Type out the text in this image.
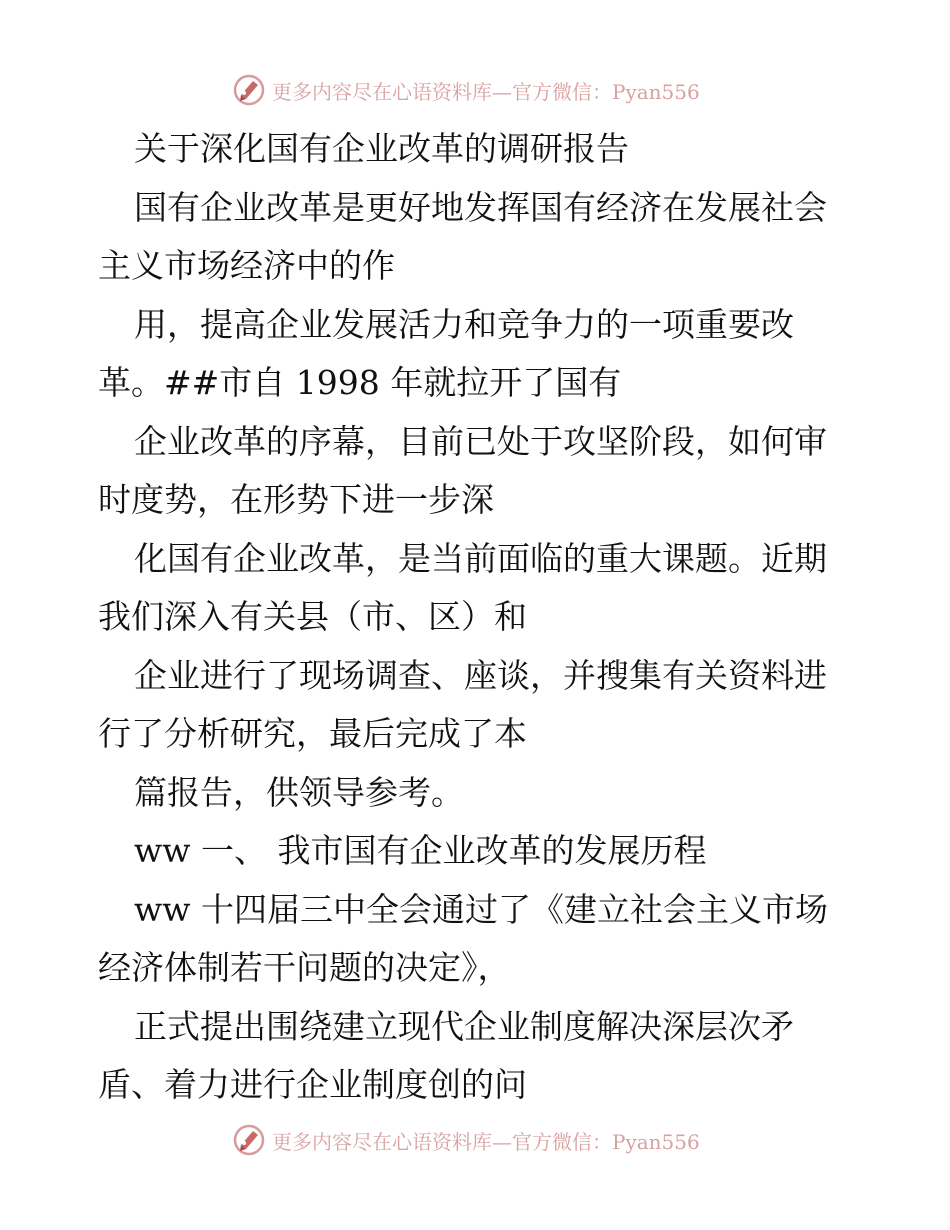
更多内容尽在心语资料库—官方微信：Pyan556
关于深化国有企业改革的调研报告
国有企业改革是更好地发挥国有经济在发展社会
主义市场经济中的作
用，提高企业发展活力和竞争力的一项重要改
革。##市自 1998 年就拉开了国有
企业改革的序幕，目前已处于攻坚阶段，如何审
时度势，在形势下进一步深
化国有企业改革，是当前面临的重大课题。近期
我们深入有关县（市、区）和
企业进行了现场调查、座谈，并搜集有关资料进
行了分析研究，最后完成了本
篇报告，供领导参考。
ww 一、 我市国有企业改革的发展历程
ww 十四届三中全会通过了《建立社会主义市场
经济体制若干问题的决定》，
正式提出围绕建立现代企业制度解决深层次矛
盾、着力进行企业制度创的问
更多内容尽在心语资料库—官方微信：Pyan556
